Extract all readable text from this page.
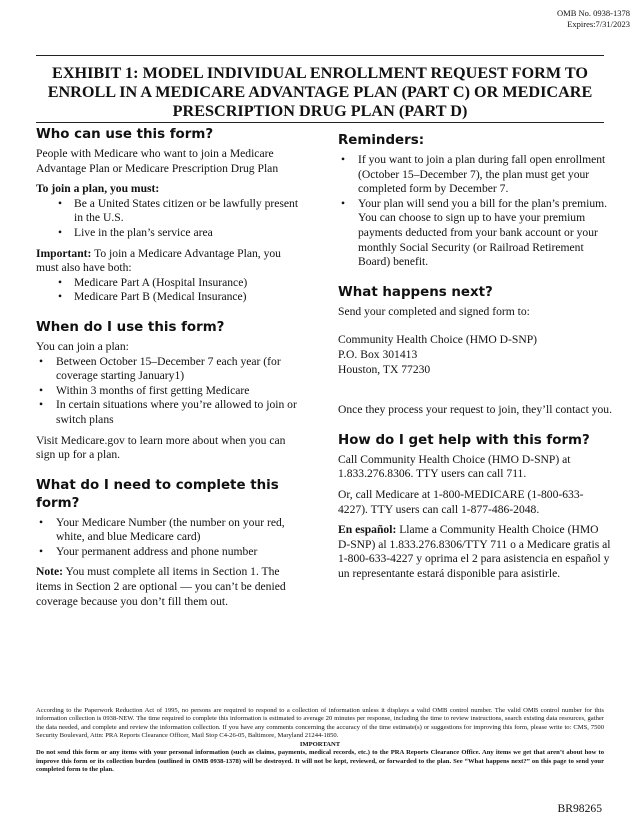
OMB No. 0938-1378
Expires:7/31/2023
EXHIBIT 1: MODEL INDIVIDUAL ENROLLMENT REQUEST FORM TO ENROLL IN A MEDICARE ADVANTAGE PLAN (PART C) OR MEDICARE PRESCRIPTION DRUG PLAN (PART D)
Who can use this form?

People with Medicare who want to join a Medicare Advantage Plan or Medicare Prescription Drug Plan

To join a plan, you must:

• Be a United States citizen or be lawfully present in the U.S.
• Live in the plan’s service area

Important: To join a Medicare Advantage Plan, you must also have both:

• Medicare Part A (Hospital Insurance)
• Medicare Part B (Medical Insurance)
When do I use this form?

You can join a plan:

• Between October 15–December 7 each year (for coverage starting January1)
• Within 3 months of first getting Medicare
• In certain situations where you’re allowed to join or switch plans

Visit Medicare.gov to learn more about when you can sign up for a plan.

What do I need to complete this form?
• Your Medicare Number (the number on your red, white, and blue Medicare card)
• Your permanent address and phone number

Note: You must complete all items in Section 1. The items in Section 2 are optional — you can’t be denied coverage because you don’t fill them out.

Reminders:
• If you want to join a plan during fall open enrollment (October 15–December 7), the plan must get your completed form by December 7.
• Your plan will send you a bill for the plan’s premium. You can choose to sign up to have your premium payments deducted from your bank account or your monthly Social Security (or Railroad Retirement Board) benefit.
What happens next?

Send your completed and signed form to:

Community Health Choice (HMO D-SNP)
P.O. Box 301413
Houston, TX 77230

Once they process your request to join, they’ll contact you.

How do I get help with this form?

Call Community Health Choice (HMO D-SNP) at 1.833.276.8306. TTY users can call 711.

Or, call Medicare at 1-800-MEDICARE (1-800-633-4227). TTY users can call 1-877-486-2048.

En español: Llame a Community Health Choice (HMO D-SNP) al 1.833.276.8306/TTY 711 o a Medicare gratis al

1-800-633-4227 y oprima el 2 para asistencia en español y un representante estará disponible para asistirle.

According to the Paperwork Reduction Act of 1995, no persons are required to respond to a collection of information unless it displays a valid OMB control number. The valid OMB control number for this information collection is 0938-NEW. The time required to complete this information is estimated to average 20 minutes per response, including the time to review instructions, search existing data resources, gather the data needed, and complete and review the information collection. If you have any comments concerning the accuracy of the time estimate(s) or suggestions for improving this form, please write to: CMS, 7500 Security Boulevard, Attn: PRA Reports Clearance Officer, Mail Stop C4-26-05, Baltimore, Maryland 21244-1850.
IMPORTANT
Do not send this form or any items with your personal information (such as claims, payments, medical records, etc.) to the PRA Reports Clearance Office. Any items we get that aren’t about how to improve this form or its collection burden (outlined in OMB 0938-1378) will be destroyed. It will not be kept, reviewed, or forwarded to the plan. See “What happens next?” on this page to send your completed form to the plan.
BR98265
